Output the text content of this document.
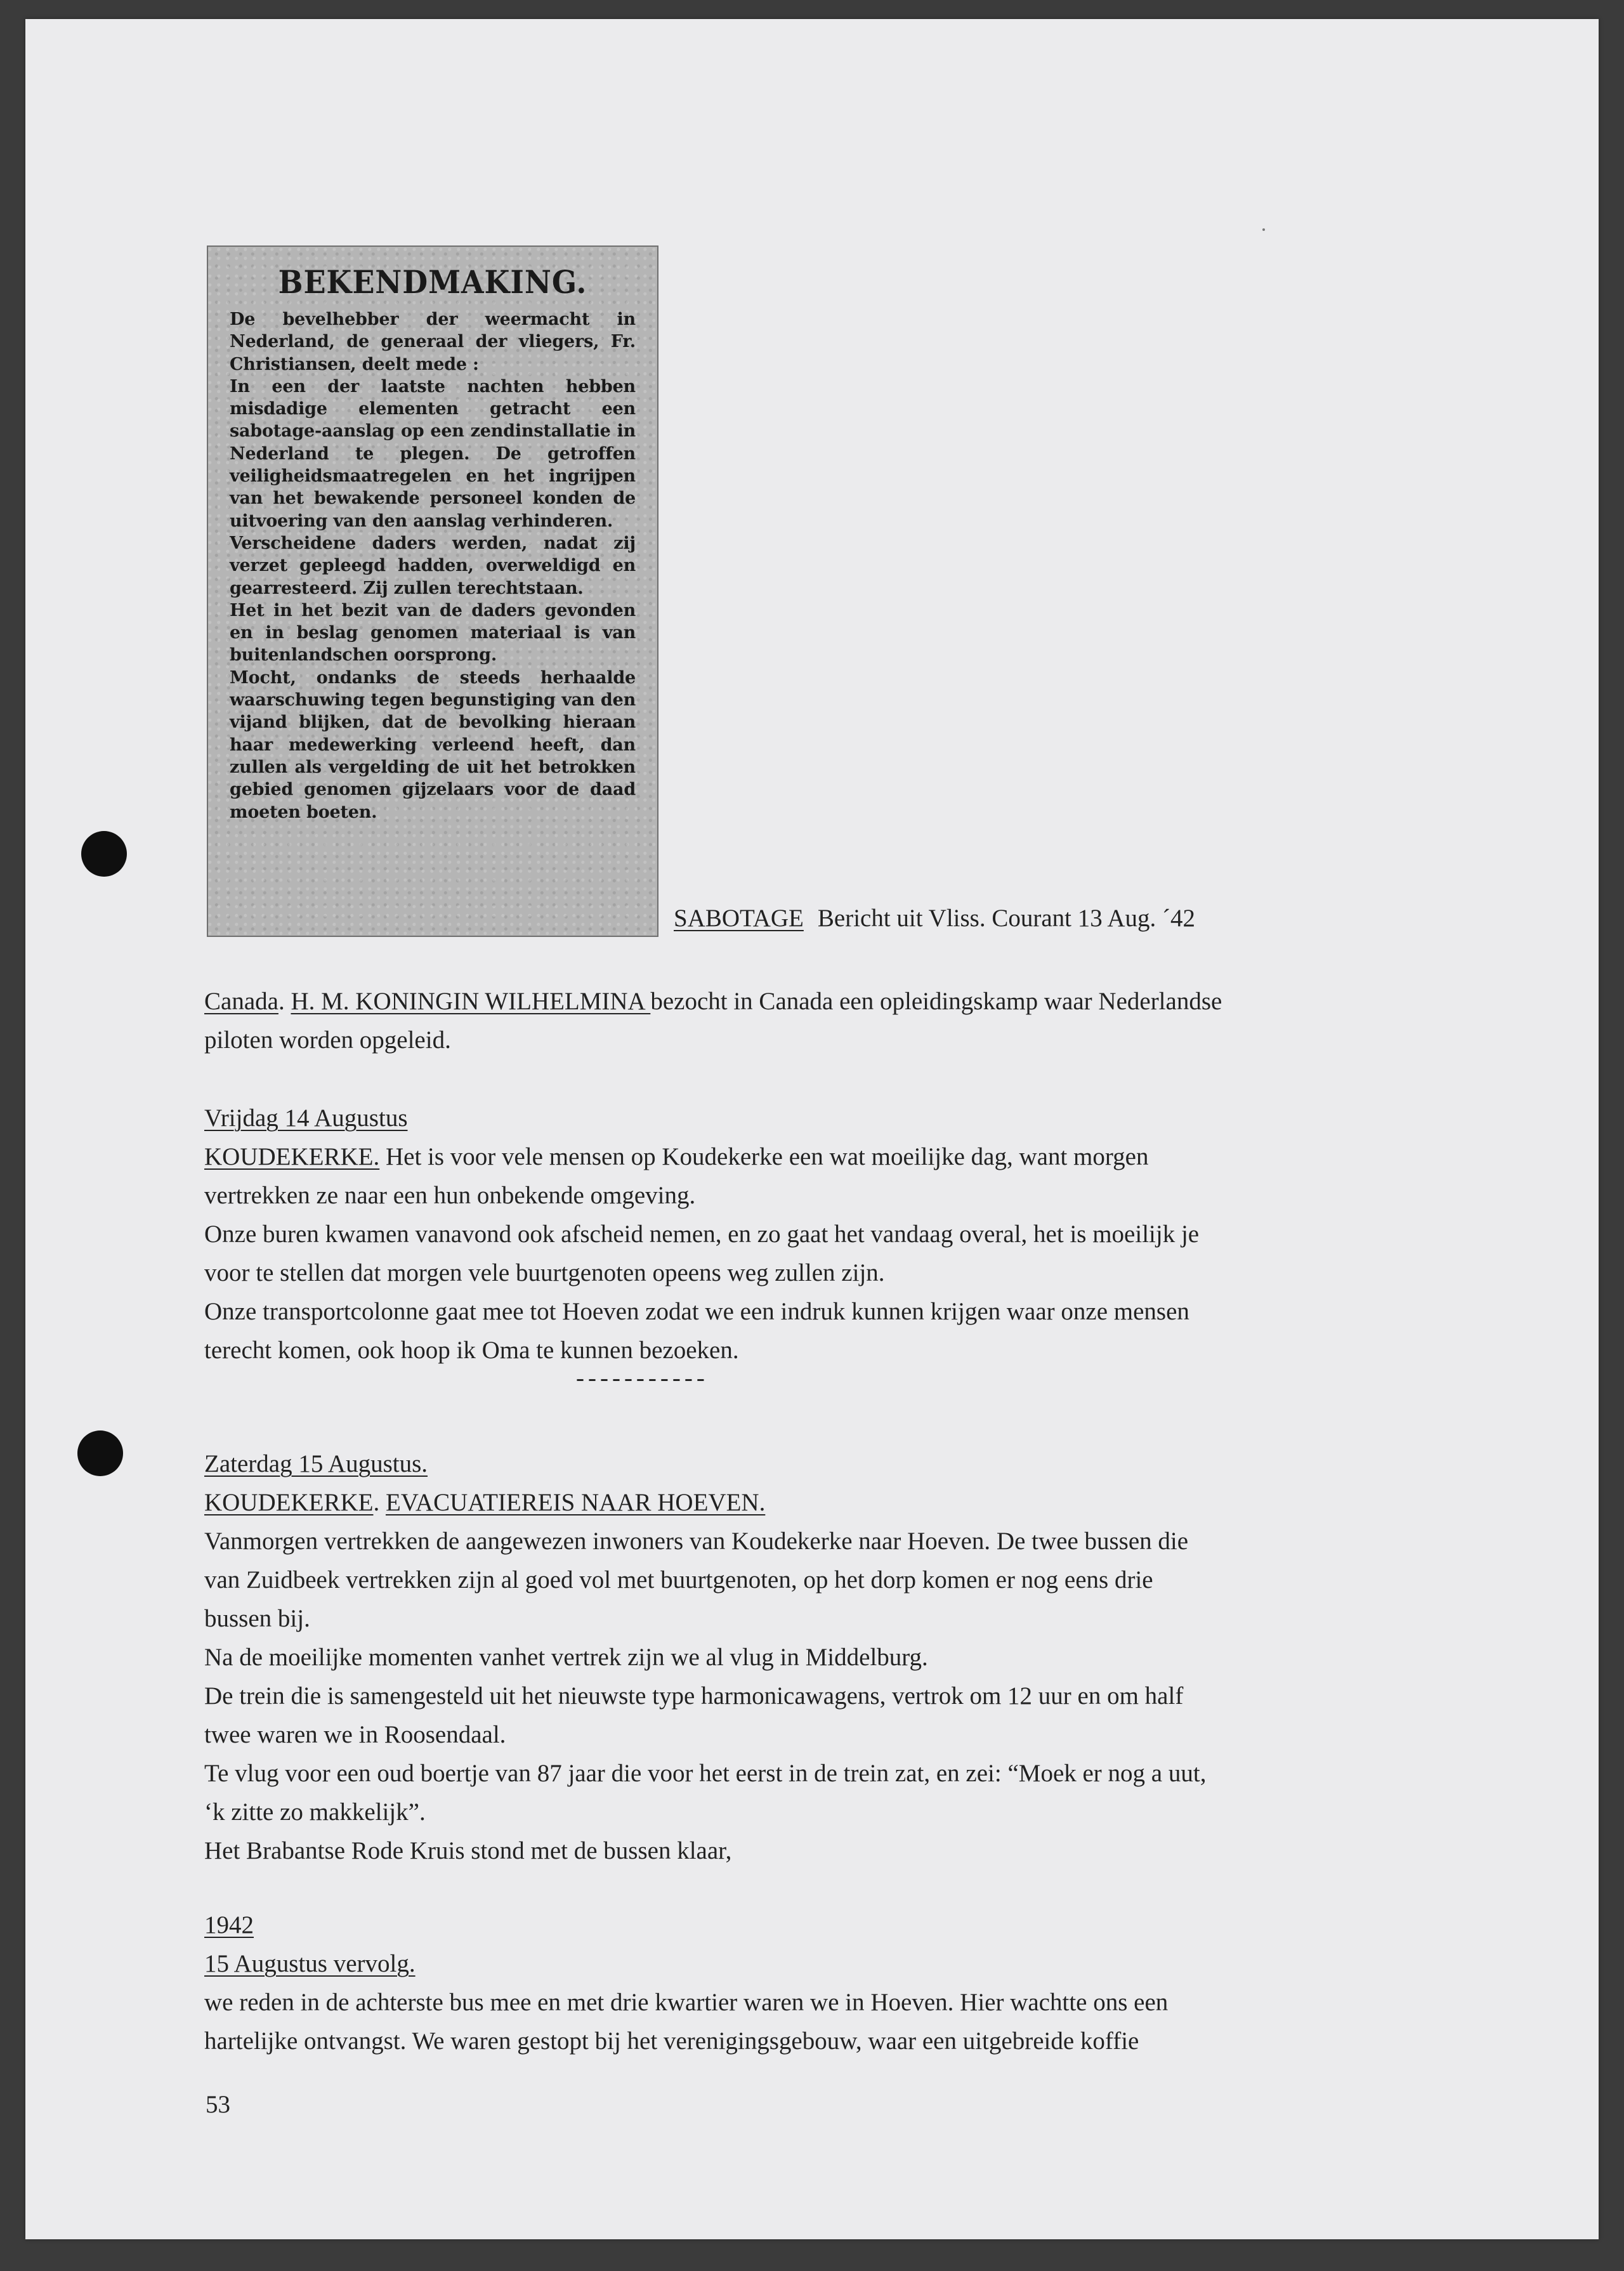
BEKENDMAKING.
De bevelhebber der weermacht in Nederland, de generaal der vliegers, Fr. Christiansen, deelt mede :
In een der laatste nachten hebben misdadige elementen getracht een sabotage-aanslag op een zendinstallatie in Nederland te plegen. De getroffen veiligheidsmaatregelen en het ingrijpen van het bewakende personeel konden de uitvoering van den aanslag verhinderen.
Verscheidene daders werden, nadat zij verzet gepleegd hadden, overweldigd en gearresteerd. Zij zullen terechtstaan.
Het in het bezit van de daders gevonden en in beslag genomen materiaal is van buitenlandschen oorsprong.
Mocht, ondanks de steeds herhaalde waarschuwing tegen begunstiging van den vijand blijken, dat de bevolking hieraan haar medewerking verleend heeft, dan zullen als vergelding de uit het betrokken gebied genomen gijzelaars voor de daad moeten boeten.
SABOTAGE Bericht uit Vliss. Courant 13 Aug. ´42
Canada. H. M. KONINGIN WILHELMINA bezocht in Canada een opleidingskamp waar Nederlandse
piloten worden opgeleid.
Vrijdag 14 Augustus
KOUDEKERKE. Het is voor vele mensen op Koudekerke een wat moeilijke dag, want morgen
vertrekken ze naar een hun onbekende omgeving.
Onze buren kwamen vanavond ook afscheid nemen, en zo gaat het vandaag overal, het is moeilijk je
voor te stellen dat morgen vele buurtgenoten opeens weg zullen zijn.
Onze transportcolonne gaat mee tot Hoeven zodat we een indruk kunnen krijgen waar onze mensen
terecht komen, ook hoop ik Oma te kunnen bezoeken.
-----------
Zaterdag 15 Augustus.
KOUDEKERKE. EVACUATIEREIS NAAR HOEVEN.
Vanmorgen vertrekken de aangewezen inwoners van Koudekerke naar Hoeven. De twee bussen die
van Zuidbeek vertrekken zijn al goed vol met buurtgenoten, op het dorp komen er nog eens drie
bussen bij.
Na de moeilijke momenten vanhet vertrek zijn we al vlug in Middelburg.
De trein die is samengesteld uit het nieuwste type harmonicawagens, vertrok om 12 uur en om half
twee waren we in Roosendaal.
Te vlug voor een oud boertje van 87 jaar die voor het eerst in de trein zat, en zei: “Moek er nog a uut,
‘k zitte zo makkelijk”.
Het Brabantse Rode Kruis stond met de bussen klaar,
1942
15 Augustus vervolg.
we reden in de achterste bus mee en met drie kwartier waren we in Hoeven. Hier wachtte ons een
hartelijke ontvangst. We waren gestopt bij het verenigingsgebouw, waar een uitgebreide koffie
53
